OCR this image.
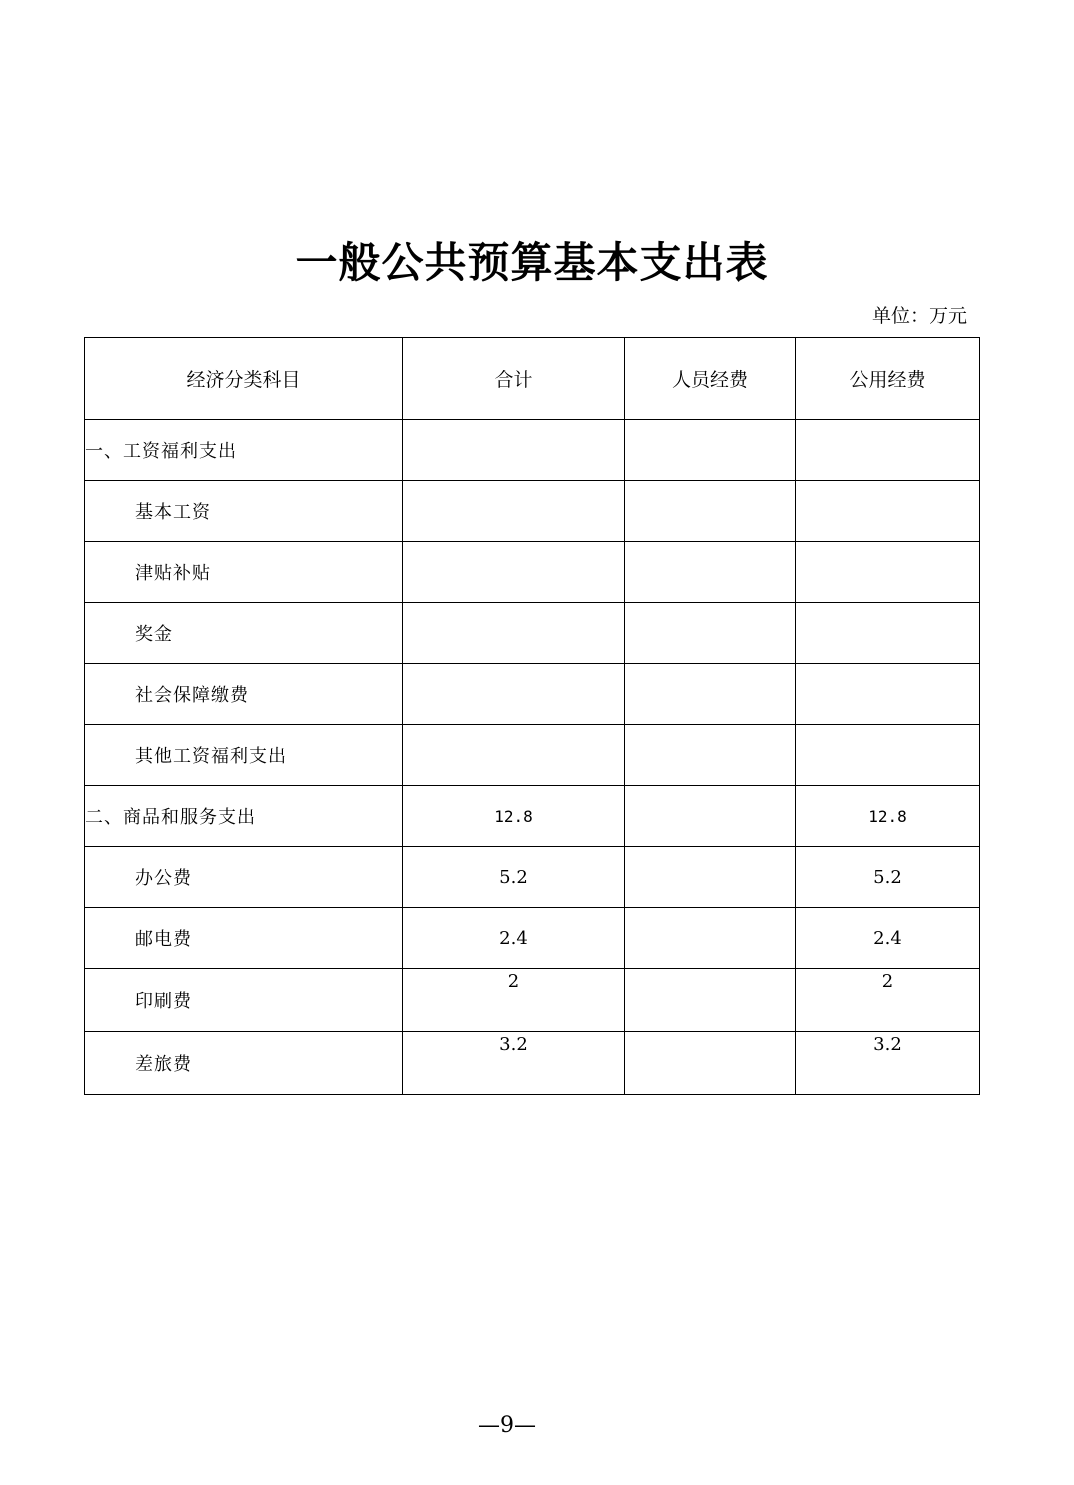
一般公共预算基本支出表
单位：万元
经济分类科目	合计	人员经费	公用经费
一、工资福利支出			
基本工资			
津贴补贴			
奖金			
社会保障缴费			
其他工资福利支出			
二、商品和服务支出	12.8		12.8
办公费	5.2		5.2
邮电费	2.4		2.4
印刷费	2		2
差旅费	3.2		3.2
—9—
